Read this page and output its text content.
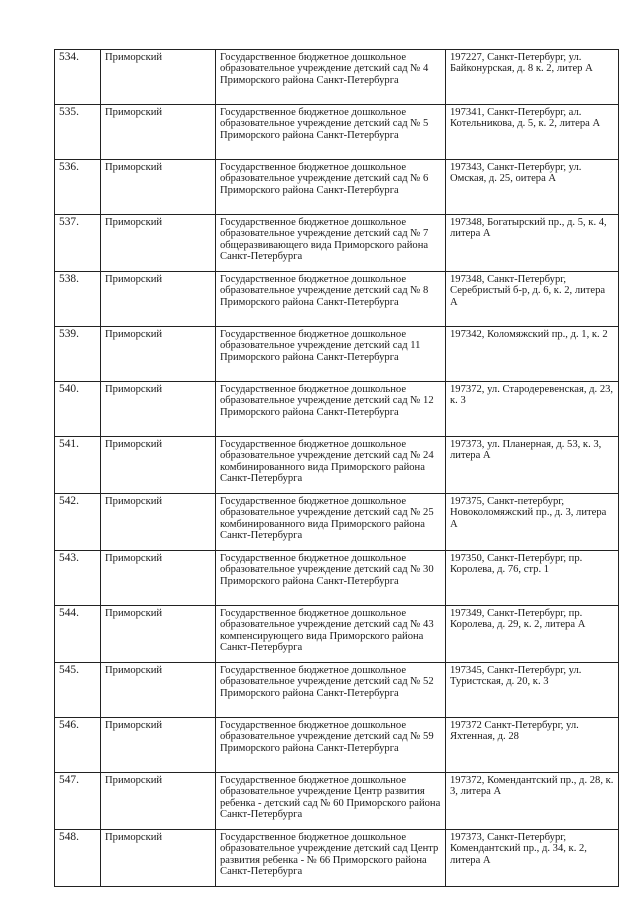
534.	Приморский	Государственное бюджетное дошкольное образовательное учреждение детский сад № 4 Приморского района Санкт-Петербурга	197227, Санкт-Петербург, ул. Байконурская, д. 8 к. 2, литер А
535.	Приморский	Государственное бюджетное дошкольное образовательное учреждение детский сад № 5 Приморского района Санкт-Петербурга	197341, Санкт-Петербург, ал. Котельникова, д. 5, к. 2, литера А
536.	Приморский	Государственное бюджетное дошкольное образовательное учреждение детский сад № 6 Приморского района Санкт-Петербурга	197343, Санкт-Петербург, ул. Омская, д. 25, оитера А
537.	Приморский	Государственное бюджетное дошкольное образовательное учреждение детский сад № 7 общеразвивающего вида Приморского района Санкт-Петербурга	197348, Богатырский пр., д. 5, к. 4, литера А
538.	Приморский	Государственное бюджетное дошкольное образовательное учреждение детский сад № 8 Приморского района Санкт-Петербурга	197348, Санкт-Петербург, Серебристый б-р, д. 6, к. 2, литера А
539.	Приморский	Государственное бюджетное дошкольное образовательное учреждение детский сад 11 Приморского района Санкт-Петербурга	197342, Коломяжский пр., д. 1, к. 2
540.	Приморский	Государственное бюджетное дошкольное образовательное учреждение детский сад № 12 Приморского района Санкт-Петербурга	197372, ул. Стародеревенская, д. 23, к. 3
541.	Приморский	Государственное бюджетное дошкольное образовательное учреждение детский сад № 24 комбинированного вида Приморского района Санкт-Петербурга	197373, ул. Планерная, д. 53, к. 3, литера А
542.	Приморский	Государственное бюджетное дошкольное образовательное учреждение детский сад № 25 комбинированного вида Приморского района Санкт-Петербурга	197375, Санкт-петербург, Новоколомяжский пр., д. 3, литера А
543.	Приморский	Государственное бюджетное дошкольное образовательное учреждение детский сад № 30 Приморского района Санкт-Петербурга	197350, Санкт-Петербург, пр. Королева, д. 76, стр. 1
544.	Приморский	Государственное бюджетное дошкольное образовательное учреждение детский сад № 43 компенсирующего вида Приморского района Санкт-Петербурга	197349, Санкт-Петербург, пр. Королева, д. 29, к. 2, литера А
545.	Приморский	Государственное бюджетное дошкольное образовательное учреждение детский сад № 52 Приморского района Санкт-Петербурга	197345, Санкт-Петербург, ул. Туристская, д. 20, к. 3
546.	Приморский	Государственное бюджетное дошкольное образовательное учреждение детский сад № 59 Приморского района Санкт-Петербурга	197372 Санкт-Петербург, ул. Яхтенная, д. 28
547.	Приморский	Государственное бюджетное дошкольное образовательное учреждение Центр развития ребенка - детский сад № 60 Приморского района Санкт-Петербурга	197372, Комендантский пр., д. 28, к. 3, литера А
548.	Приморский	Государственное бюджетное дошкольное образовательное учреждение детский сад Центр развития ребенка - № 66 Приморского района Санкт-Петербурга	197373, Санкт-Петербург, Комендантский пр., д. 34, к. 2, литера А
